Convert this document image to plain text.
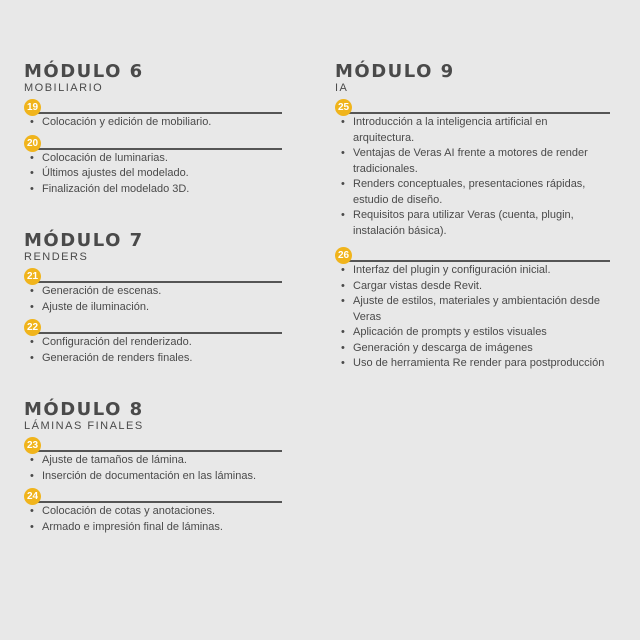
MÓDULO 6
MOBILIARIO
19
• Colocación y edición de mobiliario.
20
• Colocación de luminarias.
• Últimos ajustes del modelado.
• Finalización del modelado 3D.
MÓDULO 7
RENDERS
21
• Generación de escenas.
• Ajuste de iluminación.
22
• Configuración del renderizado.
• Generación de renders finales.
MÓDULO 8
LÁMINAS FINALES
23
• Ajuste de tamaños de lámina.
• Inserción de documentación en las láminas.
24
• Colocación de cotas y anotaciones.
• Armado e impresión final de láminas.
MÓDULO 9
IA
25
• Introducción a la inteligencia artificial en arquitectura.
• Ventajas de Veras AI frente a motores de render tradicionales.
• Renders conceptuales, presentaciones rápidas, estudio de diseño.
• Requisitos para utilizar Veras (cuenta, plugin, instalación básica).
26
• Interfaz del plugin y configuración inicial.
• Cargar vistas desde Revit.
• Ajuste de estilos, materiales y ambientación desde Veras
• Aplicación de prompts y estilos visuales
• Generación y descarga de imágenes
• Uso de herramienta Re render para postproducción
